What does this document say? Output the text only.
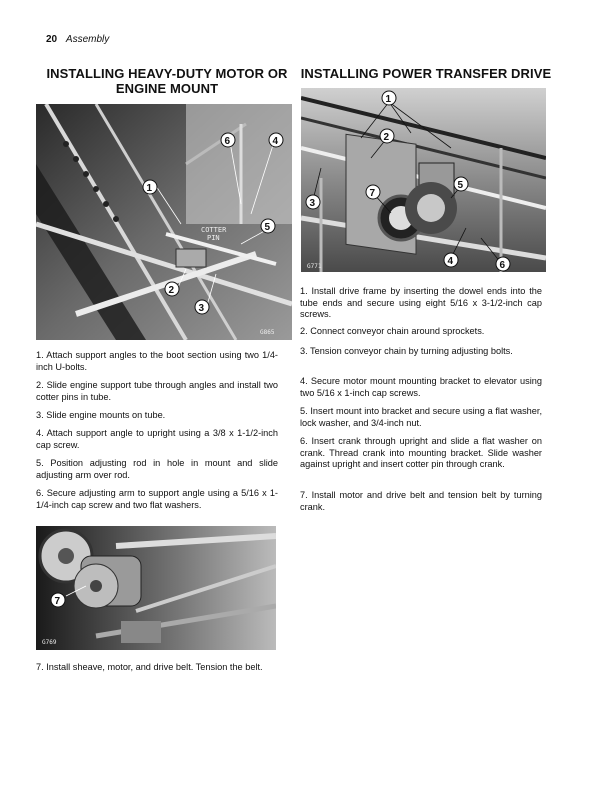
20 Assembly
INSTALLING HEAVY-DUTY MOTOR OR ENGINE MOUNT
COTTER
PIN
1
2
3
4
5
6
G865

1. Attach support angles to the boot section using two 1/4-inch U-bolts.

2. Slide engine support tube through angles and install two cotter pins in tube.

3. Slide engine mounts on tube.

4. Attach support angle to upright using a 3/8 x 1-1/2-inch cap screw.

5. Position adjusting rod in hole in mount and slide adjusting arm over rod.

6. Secure adjusting arm to support angle using a 5/16 x 1-1/4-inch cap screw and two flat washers.

7
G769

7. Install sheave, motor, and drive belt. Tension the belt.

INSTALLING POWER TRANSFER DRIVE
1
2
3
4
5
6
7
G771

1. Install drive frame by inserting the dowel ends into the tube ends and secure using eight 5/16 x 3-1/2-inch cap screws.

2. Connect conveyor chain around sprockets.

3. Tension conveyor chain by turning adjusting bolts.

4. Secure motor mount mounting bracket to elevator using two 5/16 x 1-inch cap screws.

5. Insert mount into bracket and secure using a flat washer, lock washer, and 3/4-inch nut.

6. Insert crank through upright and slide a flat washer on crank. Thread crank into mounting bracket. Slide washer against upright and insert cotter pin through crank.

7. Install motor and drive belt and tension belt by turning crank.
